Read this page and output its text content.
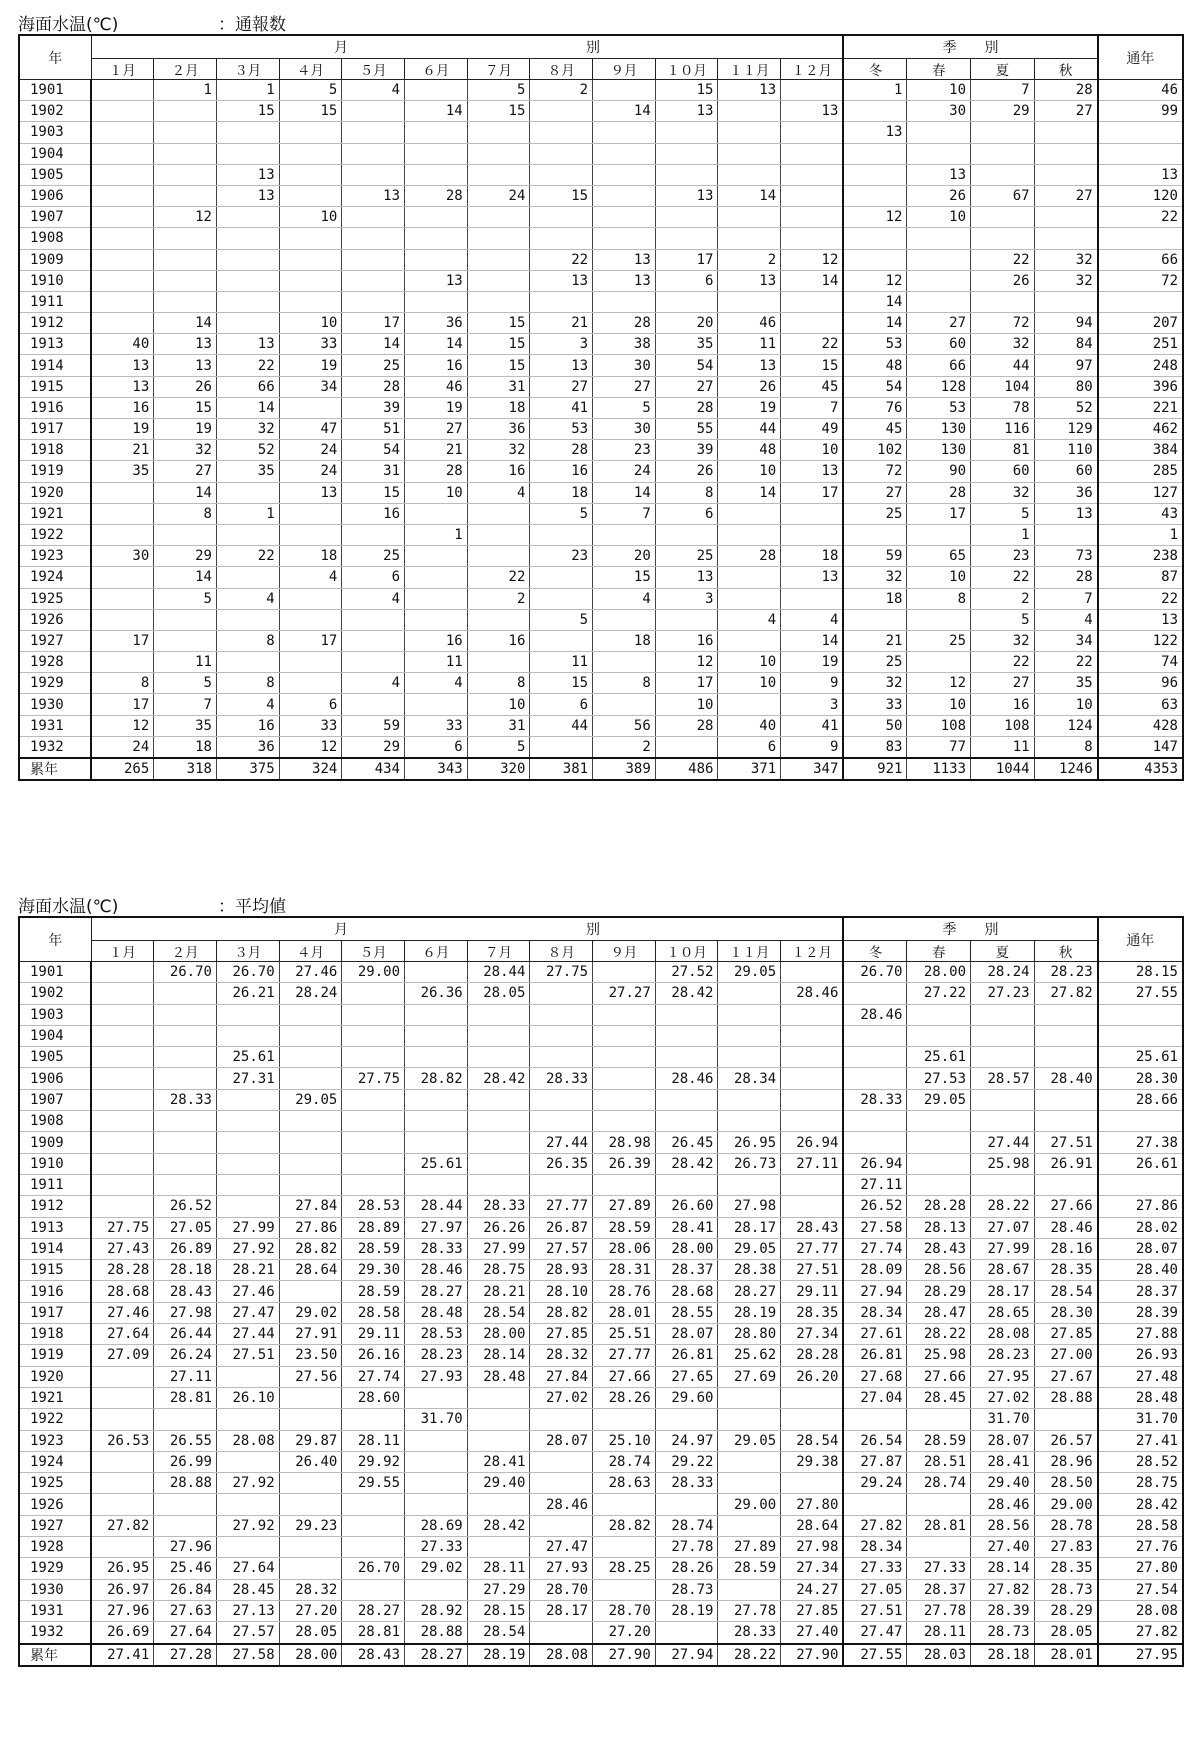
海面水温(℃)	：通報数
年	月　　　　　　　　　　　　　　　　　別												季　　別				通年
	１月	２月	３月	４月	５月	６月	７月	８月	９月	１０月	１１月	１２月	冬	春	夏	秋	
1901		1	1	5	4		5	2		15	13		1	10	7	28	46
1902			15	15		14	15		14	13		13		30	29	27	99
1903													13				
1904																	
1905			13											13			13
1906			13		13	28	24	15		13	14			26	67	27	120
1907		12		10									12	10			22
1908																	
1909								22	13	17	2	12			22	32	66
1910						13		13	13	6	13	14	12		26	32	72
1911													14				
1912		14		10	17	36	15	21	28	20	46		14	27	72	94	207
1913	40	13	13	33	14	14	15	3	38	35	11	22	53	60	32	84	251
1914	13	13	22	19	25	16	15	13	30	54	13	15	48	66	44	97	248
1915	13	26	66	34	28	46	31	27	27	27	26	45	54	128	104	80	396
1916	16	15	14		39	19	18	41	5	28	19	7	76	53	78	52	221
1917	19	19	32	47	51	27	36	53	30	55	44	49	45	130	116	129	462
1918	21	32	52	24	54	21	32	28	23	39	48	10	102	130	81	110	384
1919	35	27	35	24	31	28	16	16	24	26	10	13	72	90	60	60	285
1920		14		13	15	10	4	18	14	8	14	17	27	28	32	36	127
1921		8	1		16			5	7	6			25	17	5	13	43
1922						1									1		1
1923	30	29	22	18	25			23	20	25	28	18	59	65	23	73	238
1924		14		4	6		22		15	13		13	32	10	22	28	87
1925		5	4		4		2		4	3			18	8	2	7	22
1926								5			4	4			5	4	13
1927	17		8	17		16	16		18	16		14	21	25	32	34	122
1928		11				11		11		12	10	19	25		22	22	74
1929	8	5	8		4	4	8	15	8	17	10	9	32	12	27	35	96
1930	17	7	4	6			10	6		10		3	33	10	16	10	63
1931	12	35	16	33	59	33	31	44	56	28	40	41	50	108	108	124	428
1932	24	18	36	12	29	6	5		2		6	9	83	77	11	8	147
累年	265	318	375	324	434	343	320	381	389	486	371	347	921	1133	1044	1246	4353
海面水温(℃)	：平均値
年	月　　　　　　　　　　　　　　　　　別												季　　別				通年
	１月	２月	３月	４月	５月	６月	７月	８月	９月	１０月	１１月	１２月	冬	春	夏	秋	
1901		26.70	26.70	27.46	29.00		28.44	27.75		27.52	29.05		26.70	28.00	28.24	28.23	28.15
1902			26.21	28.24		26.36	28.05		27.27	28.42		28.46		27.22	27.23	27.82	27.55
1903													28.46				
1904																	
1905			25.61											25.61			25.61
1906			27.31		27.75	28.82	28.42	28.33		28.46	28.34			27.53	28.57	28.40	28.30
1907		28.33		29.05									28.33	29.05			28.66
1908																	
1909								27.44	28.98	26.45	26.95	26.94			27.44	27.51	27.38
1910						25.61		26.35	26.39	28.42	26.73	27.11	26.94		25.98	26.91	26.61
1911													27.11				
1912		26.52		27.84	28.53	28.44	28.33	27.77	27.89	26.60	27.98		26.52	28.28	28.22	27.66	27.86
1913	27.75	27.05	27.99	27.86	28.89	27.97	26.26	26.87	28.59	28.41	28.17	28.43	27.58	28.13	27.07	28.46	28.02
1914	27.43	26.89	27.92	28.82	28.59	28.33	27.99	27.57	28.06	28.00	29.05	27.77	27.74	28.43	27.99	28.16	28.07
1915	28.28	28.18	28.21	28.64	29.30	28.46	28.75	28.93	28.31	28.37	28.38	27.51	28.09	28.56	28.67	28.35	28.40
1916	28.68	28.43	27.46		28.59	28.27	28.21	28.10	28.76	28.68	28.27	29.11	27.94	28.29	28.17	28.54	28.37
1917	27.46	27.98	27.47	29.02	28.58	28.48	28.54	28.82	28.01	28.55	28.19	28.35	28.34	28.47	28.65	28.30	28.39
1918	27.64	26.44	27.44	27.91	29.11	28.53	28.00	27.85	25.51	28.07	28.80	27.34	27.61	28.22	28.08	27.85	27.88
1919	27.09	26.24	27.51	23.50	26.16	28.23	28.14	28.32	27.77	26.81	25.62	28.28	26.81	25.98	28.23	27.00	26.93
1920		27.11		27.56	27.74	27.93	28.48	27.84	27.66	27.65	27.69	26.20	27.68	27.66	27.95	27.67	27.48
1921		28.81	26.10		28.60			27.02	28.26	29.60			27.04	28.45	27.02	28.88	28.48
1922						31.70									31.70		31.70
1923	26.53	26.55	28.08	29.87	28.11			28.07	25.10	24.97	29.05	28.54	26.54	28.59	28.07	26.57	27.41
1924		26.99		26.40	29.92		28.41		28.74	29.22		29.38	27.87	28.51	28.41	28.96	28.52
1925		28.88	27.92		29.55		29.40		28.63	28.33			29.24	28.74	29.40	28.50	28.75
1926								28.46			29.00	27.80			28.46	29.00	28.42
1927	27.82		27.92	29.23		28.69	28.42		28.82	28.74		28.64	27.82	28.81	28.56	28.78	28.58
1928		27.96				27.33		27.47		27.78	27.89	27.98	28.34		27.40	27.83	27.76
1929	26.95	25.46	27.64		26.70	29.02	28.11	27.93	28.25	28.26	28.59	27.34	27.33	27.33	28.14	28.35	27.80
1930	26.97	26.84	28.45	28.32			27.29	28.70		28.73		24.27	27.05	28.37	27.82	28.73	27.54
1931	27.96	27.63	27.13	27.20	28.27	28.92	28.15	28.17	28.70	28.19	27.78	27.85	27.51	27.78	28.39	28.29	28.08
1932	26.69	27.64	27.57	28.05	28.81	28.88	28.54		27.20		28.33	27.40	27.47	28.11	28.73	28.05	27.82
累年	27.41	27.28	27.58	28.00	28.43	28.27	28.19	28.08	27.90	27.94	28.22	27.90	27.55	28.03	28.18	28.01	27.95
